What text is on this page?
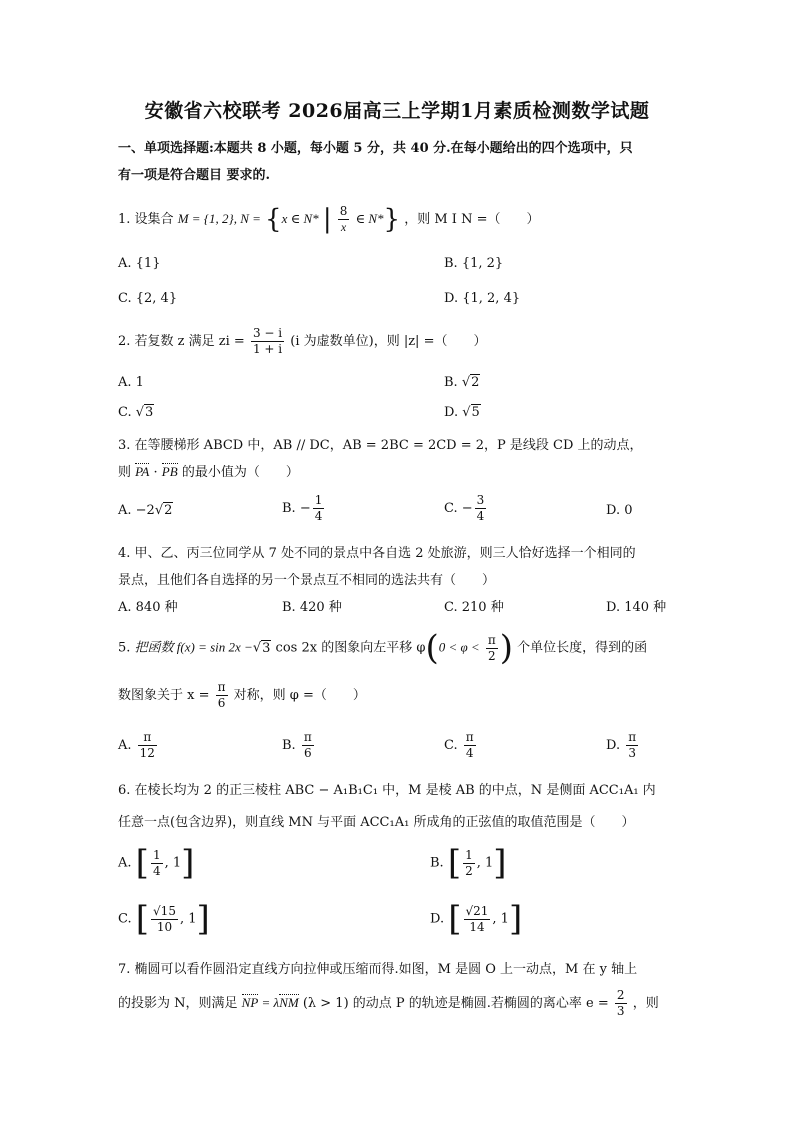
安徽省六校联考 2026届高三上学期1月素质检测数学试题
一、单项选择题:本题共 8 小题，每小题 5 分，共 40 分.在每小题给出的四个选项中，只
有一项是符合题目 要求的.
1. 设集合 M = {1, 2}, N = {x ∈ N* | $\frac{8}{x}$ ∈ N*} ，则 M I N =（　　）
A. {1}	B. {1, 2}
C. {2, 4}	D. {1, 2, 4}
2. 若复数 z 满足 zi = $\frac{3 - i}{1 + i} (i$ 为虚数单位)，则 |z| =（　　）
A. 1	B. √2
C. √3	D. √5
3. 在等腰梯形 ABCD 中，AB // DC，AB = 2BC = 2CD = 2，P 是线段 CD 上的动点，
则 PA · PB 的最小值为（　　）
A. −2√2	B. − $\frac{1}{4}$	C. − $\frac{3}{4}$	D. 0
4. 甲、乙、丙三位同学从 7 处不同的景点中各自选 2 处旅游，则三人恰好选择一个相同的
景点，且他们各自选择的另一个景点互不相同的选法共有（　　）
A. 840 种	B. 420 种	C. 210 种	D. 140 种
5. 把函数 f(x) = sin 2x −√3 cos 2x 的图象向左平移 $\varphi(0 < \varphi < \frac{\pi}{2}$ ) 个单位长度，得到的函
数图象关于 $x = \frac{\pi}{6}$ 对称，则 φ =（　　）
A. $\frac{\pi}{12}$	B. $\frac{\pi}{6}$	C. $\frac{\pi}{4}$	D. $\frac{\pi}{3}$
6. 在棱长均为 2 的正三棱柱 ABC − A₁B₁C₁ 中，M 是棱 AB 的中点，N 是侧面 ACC₁A₁ 内
任意一点(包含边界)，则直线 MN 与平面 ACC₁A₁ 所成角的正弦值的取值范围是（　　）
A. [ $\frac{1}{4}$ , 1]	B. [ $\frac{1}{2}$ , 1]
C. [ $\frac{√15}{10}$ , 1]	D. [ $\frac{√21}{14}$ , 1]
7. 椭圆可以看作圆沿定直线方向拉伸或压缩而得.如图，M 是圆 O 上一动点，M 在 y 轴上
的投影为 N，则满足 NP = λNM (λ > 1) 的动点 P 的轨迹是椭圆.若椭圆的离心率 $e = \frac{2}{3}$ ，则
